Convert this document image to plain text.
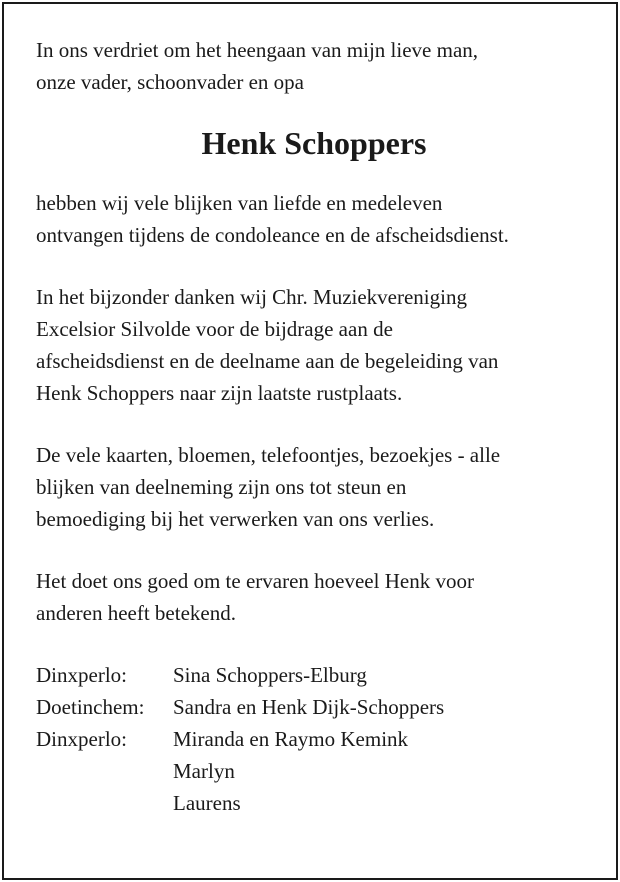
In ons verdriet om het heengaan van mijn lieve man,
onze vader, schoonvader en opa

Henk Schoppers

hebben wij vele blijken van liefde en medeleven
ontvangen tijdens de condoleance en de afscheidsdienst.

In het bijzonder danken wij Chr. Muziekvereniging
Excelsior Silvolde voor de bijdrage aan de
afscheidsdienst en de deelname aan de begeleiding van
Henk Schoppers naar zijn laatste rustplaats.

De vele kaarten, bloemen, telefoontjes, bezoekjes - alle
blijken van deelneming zijn ons tot steun en
bemoediging bij het verwerken van ons verlies.

Het doet ons goed om te ervaren hoeveel Henk voor
anderen heeft betekend.

Dinxperlo:	Sina Schoppers-Elburg
Doetinchem:	Sandra en Henk Dijk-Schoppers
Dinxperlo:	Miranda en Raymo Kemink
Marlyn
Laurens
